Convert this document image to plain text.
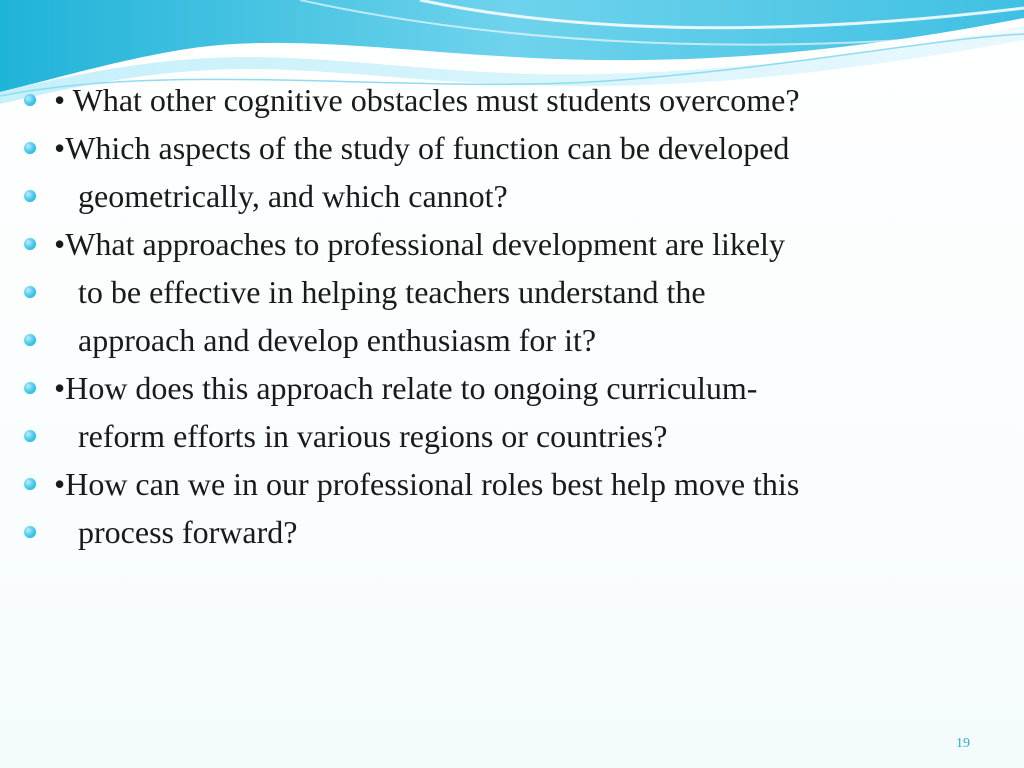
• What other cognitive obstacles must students overcome?
•Which aspects of the study of function can be developed
geometrically, and which cannot?
•What approaches to professional development are likely
to be effective in helping teachers understand the
approach and develop enthusiasm for it?
•How does this approach relate to ongoing curriculum-
reform efforts in various regions or countries?
•How can we in our professional roles best help move this
process forward?
19
